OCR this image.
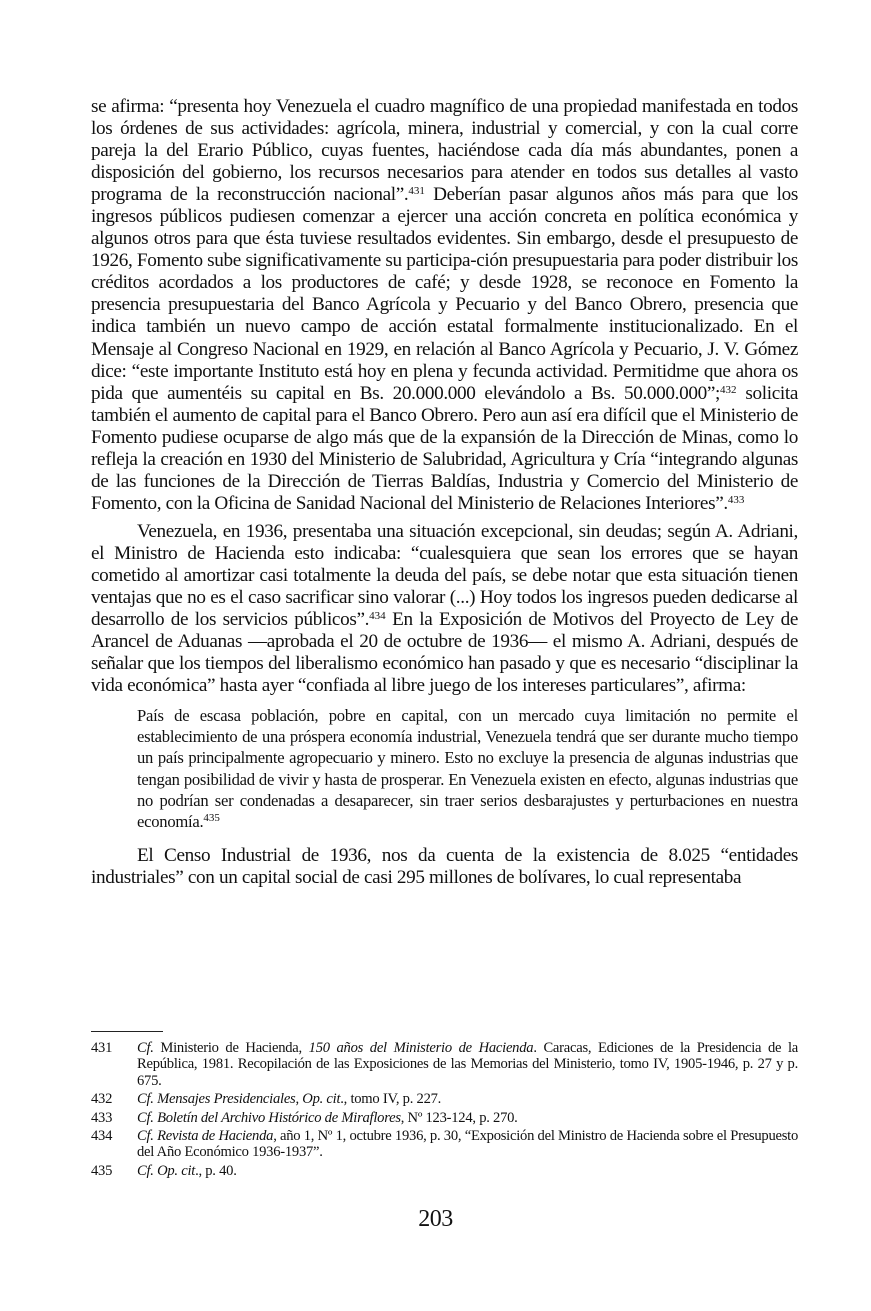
se afirma: “presenta hoy Venezuela el cuadro magnífico de una propiedad manifestada en todos los órdenes de sus actividades: agrícola, minera, industrial y comercial, y con la cual corre pareja la del Erario Público, cuyas fuentes, haciéndose cada día más abundantes, ponen a disposición del gobierno, los recursos necesarios para atender en todos sus detalles al vasto programa de la reconstrucción nacional”.$^{431}$ Deberían pasar algunos años más para que los ingresos públicos pudiesen comenzar a ejercer una acción concreta en política económica y algunos otros para que ésta tuviese resultados evidentes. Sin embargo, desde el presupuesto de 1926, Fomento sube significativamente su participa-ción presupuestaria para poder distribuir los créditos acordados a los productores de café; y desde 1928, se reconoce en Fomento la presencia presupuestaria del Banco Agrícola y Pecuario y del Banco Obrero, presencia que indica también un nuevo campo de acción estatal formalmente institucionalizado. En el Mensaje al Congreso Nacional en 1929, en relación al Banco Agrícola y Pecuario, J. V. Gómez dice: “este importante Instituto está hoy en plena y fecunda actividad. Permitidme que ahora os pida que aumentéis su capital en Bs. 20.000.000 elevándolo a Bs. 50.000.000”;$^{432}$ solicita también el aumento de capital para el Banco Obrero. Pero aun así era difícil que el Ministerio de Fomento pudiese ocuparse de algo más que de la expansión de la Dirección de Minas, como lo refleja la creación en 1930 del Ministerio de Salubridad, Agricultura y Cría “integrando algunas de las funciones de la Dirección de Tierras Baldías, Industria y Comercio del Ministerio de Fomento, con la Oficina de Sanidad Nacional del Ministerio de Relaciones Interiores”.$^{433}$

Venezuela, en 1936, presentaba una situación excepcional, sin deudas; según A. Adriani, el Ministro de Hacienda esto indicaba: “cualesquiera que sean los errores que se hayan cometido al amortizar casi totalmente la deuda del país, se debe notar que esta situación tienen ventajas que no es el caso sacrificar sino valorar (...) Hoy todos los ingresos pueden dedicarse al desarrollo de los servicios públicos”.$^{434}$ En la Exposición de Motivos del Proyecto de Ley de Arancel de Aduanas —aprobada el 20 de octubre de 1936— el mismo A. Adriani, después de señalar que los tiempos del liberalismo económico han pasado y que es necesario “disciplinar la vida económica” hasta ayer “confiada al libre juego de los intereses particulares”, afirma:

País de escasa población, pobre en capital, con un mercado cuya limitación no permite el establecimiento de una próspera economía industrial, Venezuela tendrá que ser durante mucho tiempo un país principalmente agropecuario y minero. Esto no excluye la presencia de algunas industrias que tengan posibilidad de vivir y hasta de prosperar. En Venezuela existen en efecto, algunas industrias que no podrían ser condenadas a desaparecer, sin traer serios desbarajustes y perturbaciones en nuestra economía.$^{435}$

El Censo Industrial de 1936, nos da cuenta de la existencia de 8.025 “entidades industriales” con un capital social de casi 295 millones de bolívares, lo cual representaba

431	Cf. Ministerio de Hacienda, 150 años del Ministerio de Hacienda. Caracas, Ediciones de la Presidencia de la República, 1981. Recopilación de las Exposiciones de las Memorias del Ministerio, tomo IV, 1905-1946, p. 27 y p. 675.
432	Cf. Mensajes Presidenciales, Op. cit., tomo IV, p. 227.
433	Cf. Boletín del Archivo Histórico de Miraflores, Nº 123-124, p. 270.
434	Cf. Revista de Hacienda, año 1, Nº 1, octubre 1936, p. 30, “Exposición del Ministro de Hacienda sobre el Presupuesto del Año Económico 1936-1937”.
435	Cf. Op. cit., p. 40.
203
